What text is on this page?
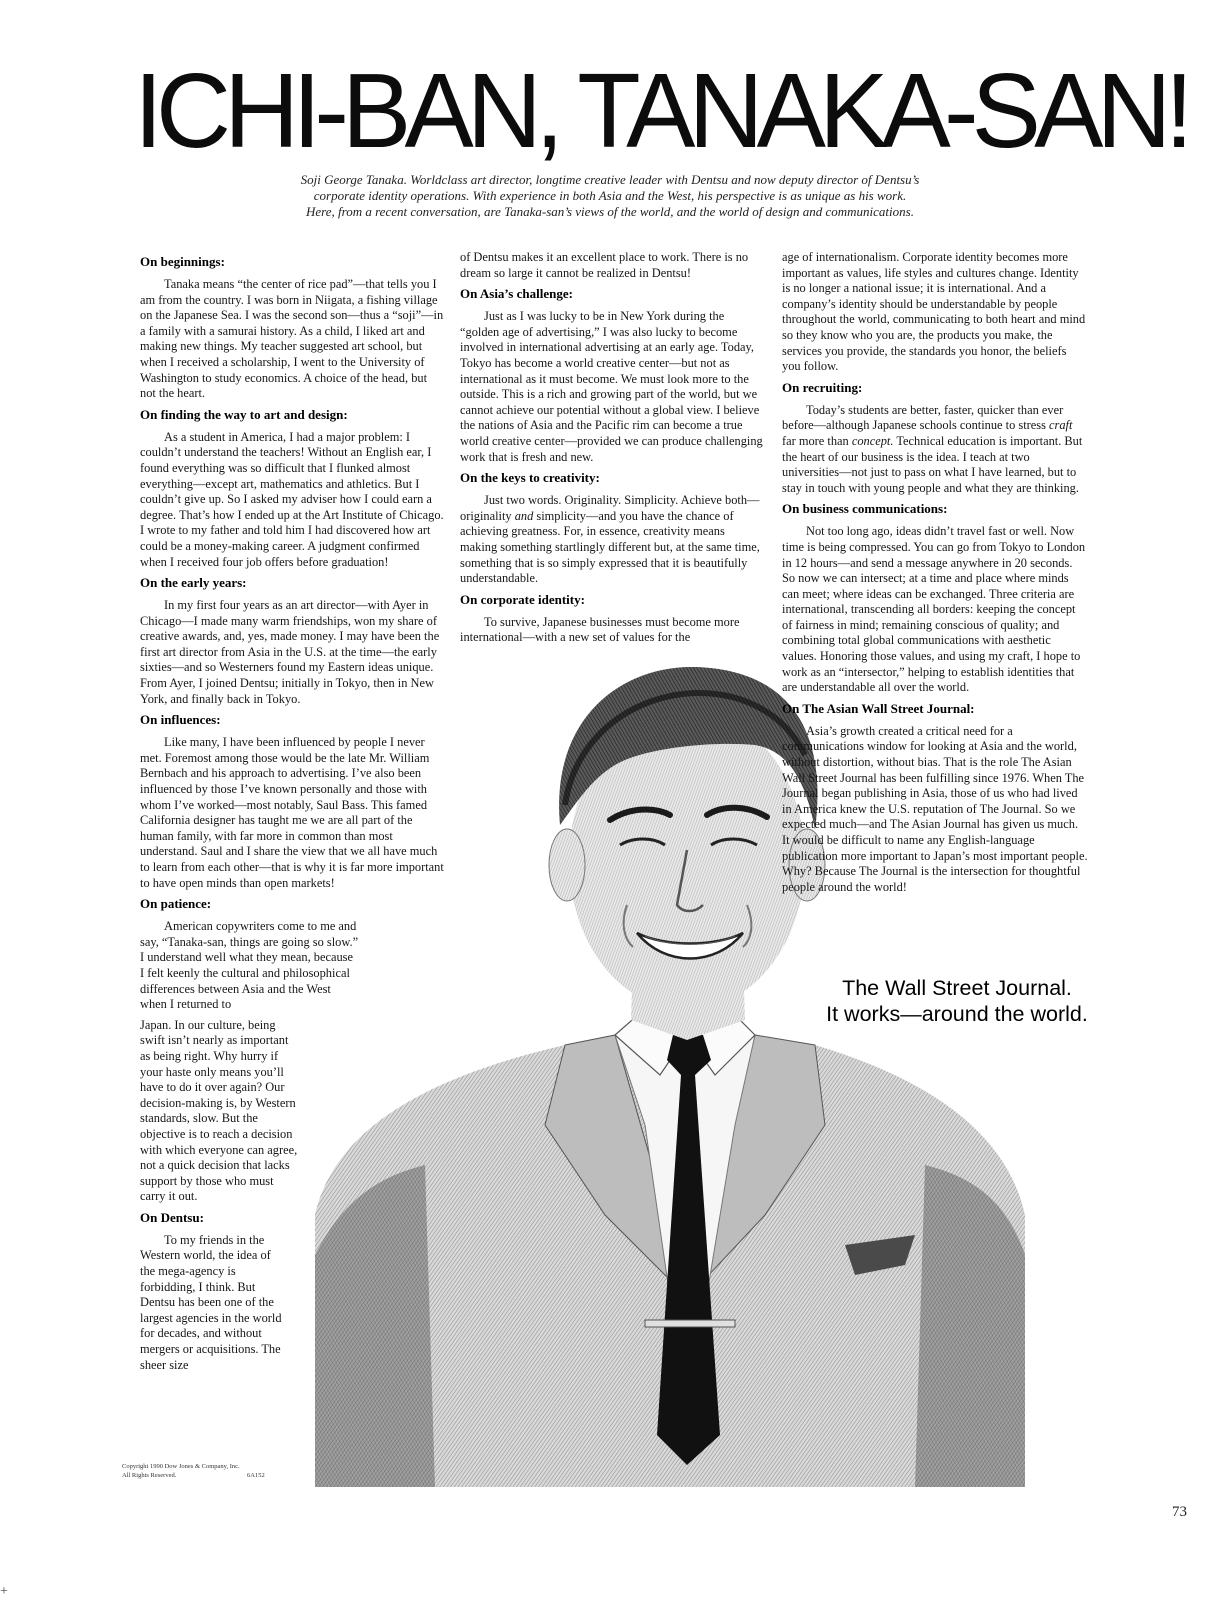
ICHI-BAN, TANAKA-SAN!
Soji George Tanaka. Worldclass art director, longtime creative leader with Dentsu and now deputy director of Dentsu’s corporate identity operations. With experience in both Asia and the West, his perspective is as unique as his work. Here, from a recent conversation, are Tanaka-san’s views of the world, and the world of design and communications.
On beginnings:

Tanaka means “the center of rice pad”—that tells you I am from the country. I was born in Niigata, a fishing village on the Japanese Sea. I was the second son—thus a “soji”—in a family with a samurai history. As a child, I liked art and making new things. My teacher suggested art school, but when I received a scholarship, I went to the University of Washington to study economics. A choice of the head, but not the heart.

On finding the way to art and design:

As a student in America, I had a major problem: I couldn’t understand the teachers! Without an English ear, I found everything was so difficult that I flunked almost everything—except art, mathematics and athletics. But I couldn’t give up. So I asked my adviser how I could earn a degree. That’s how I ended up at the Art Institute of Chicago. I wrote to my father and told him I had discovered how art could be a money-making career. A judgment confirmed when I received four job offers before graduation!

On the early years:

In my first four years as an art director—with Ayer in Chicago—I made many warm friendships, won my share of creative awards, and, yes, made money. I may have been the first art director from Asia in the U.S. at the time—the early sixties—and so Westerners found my Eastern ideas unique. From Ayer, I joined Dentsu; initially in Tokyo, then in New York, and finally back in Tokyo.

On influences:

Like many, I have been influenced by people I never met. Foremost among those would be the late Mr. William Bernbach and his approach to advertising. I’ve also been influenced by those I’ve known personally and those with whom I’ve worked—most notably, Saul Bass. This famed California designer has taught me we are all part of the human family, with far more in common than most understand. Saul and I share the view that we all have much to learn from each other—that is why it is far more important to have open minds than open markets!

On patience:

American copywriters come to me and say, “Tanaka-san, things are going so slow.” I understand well what they mean, because I felt keenly the cultural and philosophical differences between Asia and the West when I returned to

Japan. In our culture, being swift isn’t nearly as important as being right. Why hurry if your haste only means you’ll have to do it over again? Our decision-making is, by Western standards, slow. But the objective is to reach a decision with which everyone can agree, not a quick decision that lacks support by those who must carry it out.

On Dentsu:

To my friends in the Western world, the idea of the mega-agency is forbidding, I think. But Dentsu has been one of the largest agencies in the world for decades, and without mergers or acquisitions. The sheer size

of Dentsu makes it an excellent place to work. There is no dream so large it cannot be realized in Dentsu!

On Asia’s challenge:

Just as I was lucky to be in New York during the “golden age of advertising,” I was also lucky to become involved in international advertising at an early age. Today, Tokyo has become a world creative center—but not as international as it must become. We must look more to the outside. This is a rich and growing part of the world, but we cannot achieve our potential without a global view. I believe the nations of Asia and the Pacific rim can become a true world creative center—provided we can produce challenging work that is fresh and new.

On the keys to creativity:

Just two words. Originality. Simplicity. Achieve both—originality and simplicity—and you have the chance of achieving greatness. For, in essence, creativity means making something startlingly different but, at the same time, something that is so simply expressed that it is beautifully understandable.

On corporate identity:

To survive, Japanese businesses must become more international—with a new set of values for the

age of internationalism. Corporate identity becomes more important as values, life styles and cultures change. Identity is no longer a national issue; it is international. And a company’s identity should be understandable by people throughout the world, communicating to both heart and mind so they know who you are, the products you make, the services you provide, the standards you honor, the beliefs you follow.

On recruiting:

Today’s students are better, faster, quicker than ever before—although Japanese schools continue to stress craft far more than concept. Technical education is important. But the heart of our business is the idea. I teach at two universities—not just to pass on what I have learned, but to stay in touch with young people and what they are thinking.

On business communications:

Not too long ago, ideas didn’t travel fast or well. Now time is being compressed. You can go from Tokyo to London in 12 hours—and send a message anywhere in 20 seconds. So now we can intersect; at a time and place where minds can meet; where ideas can be exchanged. Three criteria are international, transcending all borders: keeping the concept of fairness in mind; remaining conscious of quality; and combining total global communications with aesthetic values. Honoring those values, and using my craft, I hope to work as an “intersector,” helping to establish identities that are understandable all over the world.

On The Asian Wall Street Journal:

Asia’s growth created a critical need for a communications window for looking at Asia and the world, without distortion, without bias. That is the role The Asian Wall Street Journal has been fulfilling since 1976. When The Journal began publishing in Asia, those of us who had lived in America knew the U.S. reputation of The Journal. So we expected much—and The Asian Journal has given us much. It would be difficult to name any English-language publication more important to Japan’s most important people. Why? Because The Journal is the intersection for thoughtful people around the world!

The Wall Street Journal.
It works—around the world.
Copyright 1990 Dow Jones & Company, Inc.
All Rights Reserved.	6A152
73
+
